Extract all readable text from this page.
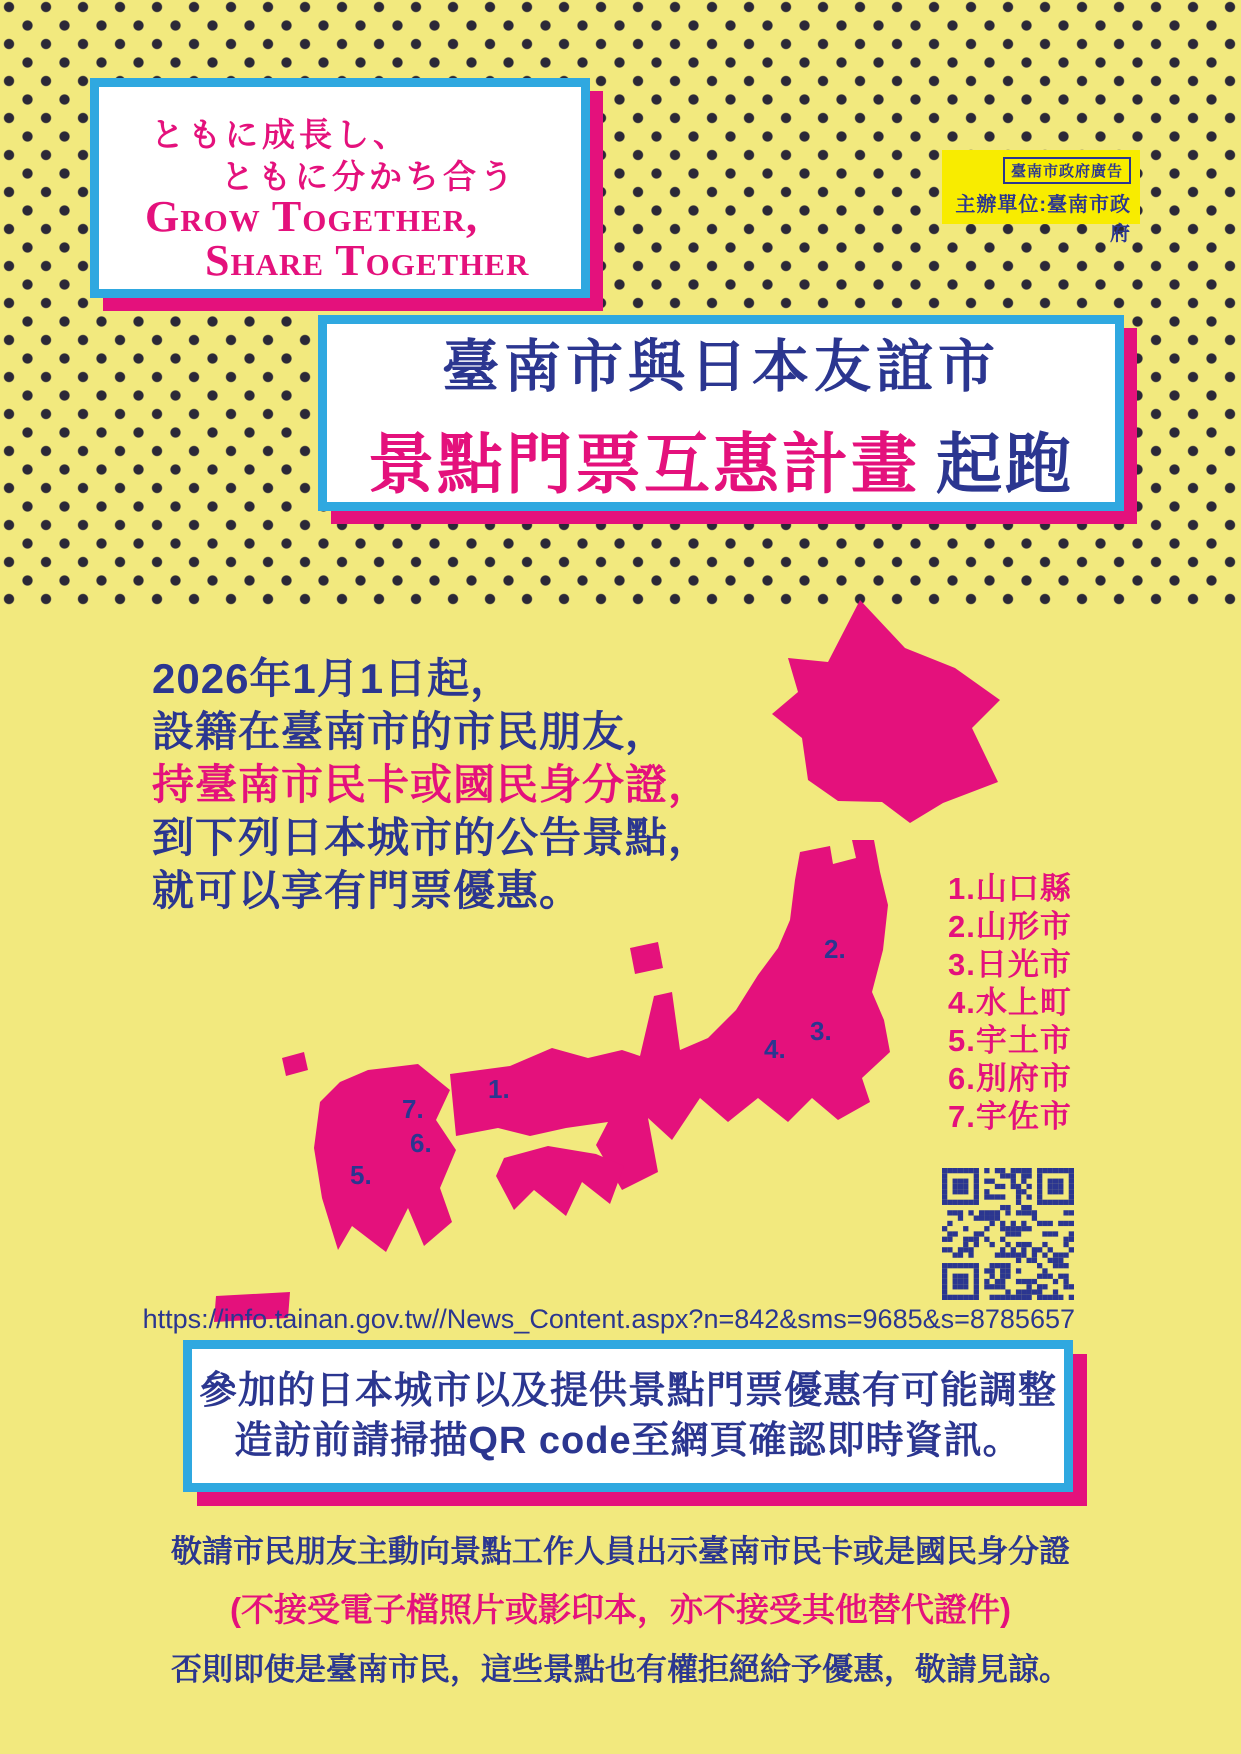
ともに成長し、
ともに分かち合う
Grow Together,
Share Together
臺南市政府廣告
主辦單位:臺南市政府
臺南市與日本友誼市
景點門票互惠計畫 起跑
2026年1月1日起，
設籍在臺南市的市民朋友，
持臺南市民卡或國民身分證，
到下列日本城市的公告景點，
就可以享有門票優惠。
1.
2.
3.
4.
5.
6.
7.
1.山口縣
2.山形市
3.日光市
4.水上町
5.宇土市
6.別府市
7.宇佐市
https://info.tainan.gov.tw//News_Content.aspx?n=842&sms=9685&s=8785657
參加的日本城市以及提供景點門票優惠有可能調整
造訪前請掃描QR code至網頁確認即時資訊。
敬請市民朋友主動向景點工作人員出示臺南市民卡或是國民身分證
(不接受電子檔照片或影印本，亦不接受其他替代證件)
否則即使是臺南市民，這些景點也有權拒絕給予優惠，敬請見諒。
